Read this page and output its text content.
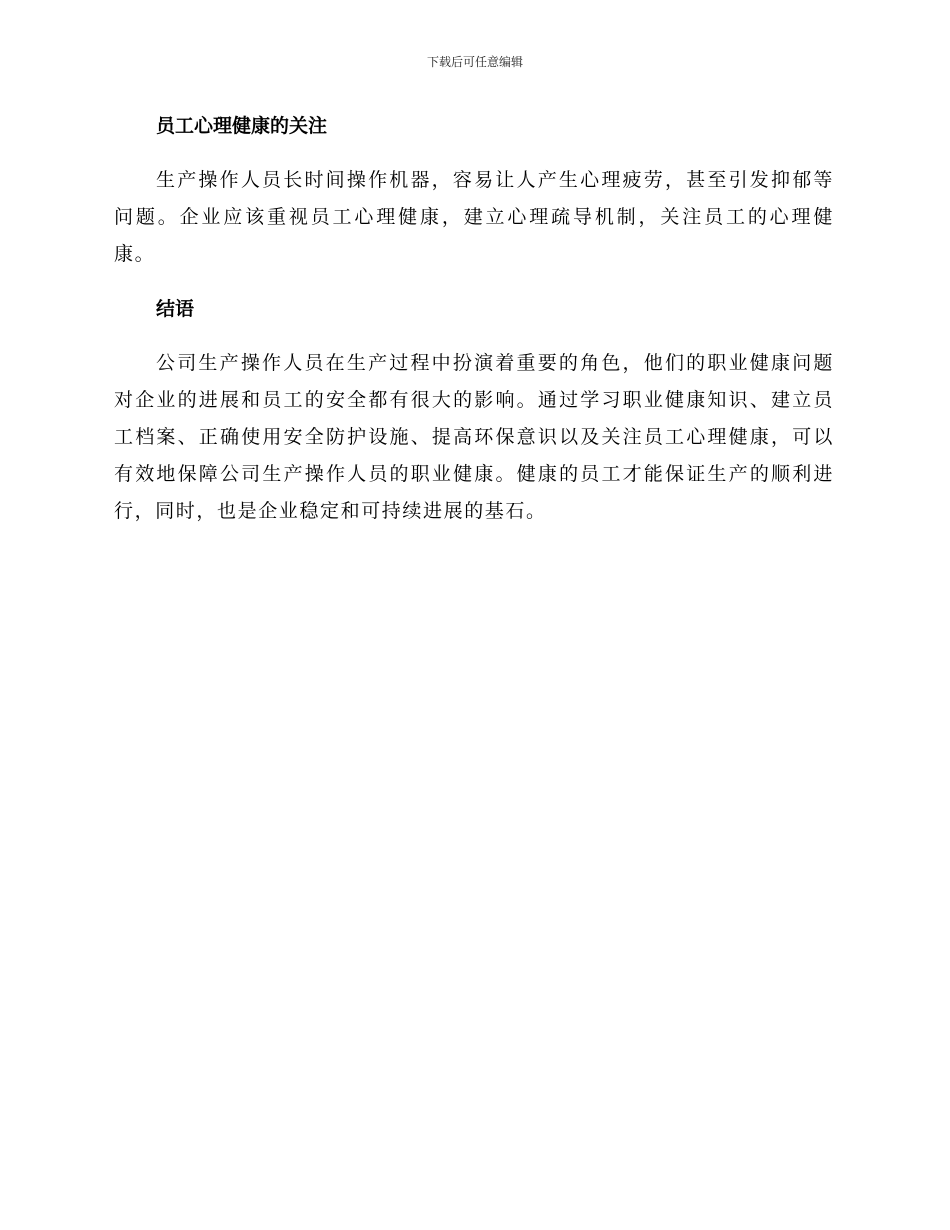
下载后可任意编辑
员工心理健康的关注

生产操作人员长时间操作机器，容易让人产生心理疲劳，甚至引发抑郁等问题。企业应该重视员工心理健康，建立心理疏导机制，关注员工的心理健康。

结语

公司生产操作人员在生产过程中扮演着重要的角色，他们的职业健康问题对企业的进展和员工的安全都有很大的影响。通过学习职业健康知识、建立员工档案、正确使用安全防护设施、提高环保意识以及关注员工心理健康，可以有效地保障公司生产操作人员的职业健康。健康的员工才能保证生产的顺利进行，同时，也是企业稳定和可持续进展的基石。
